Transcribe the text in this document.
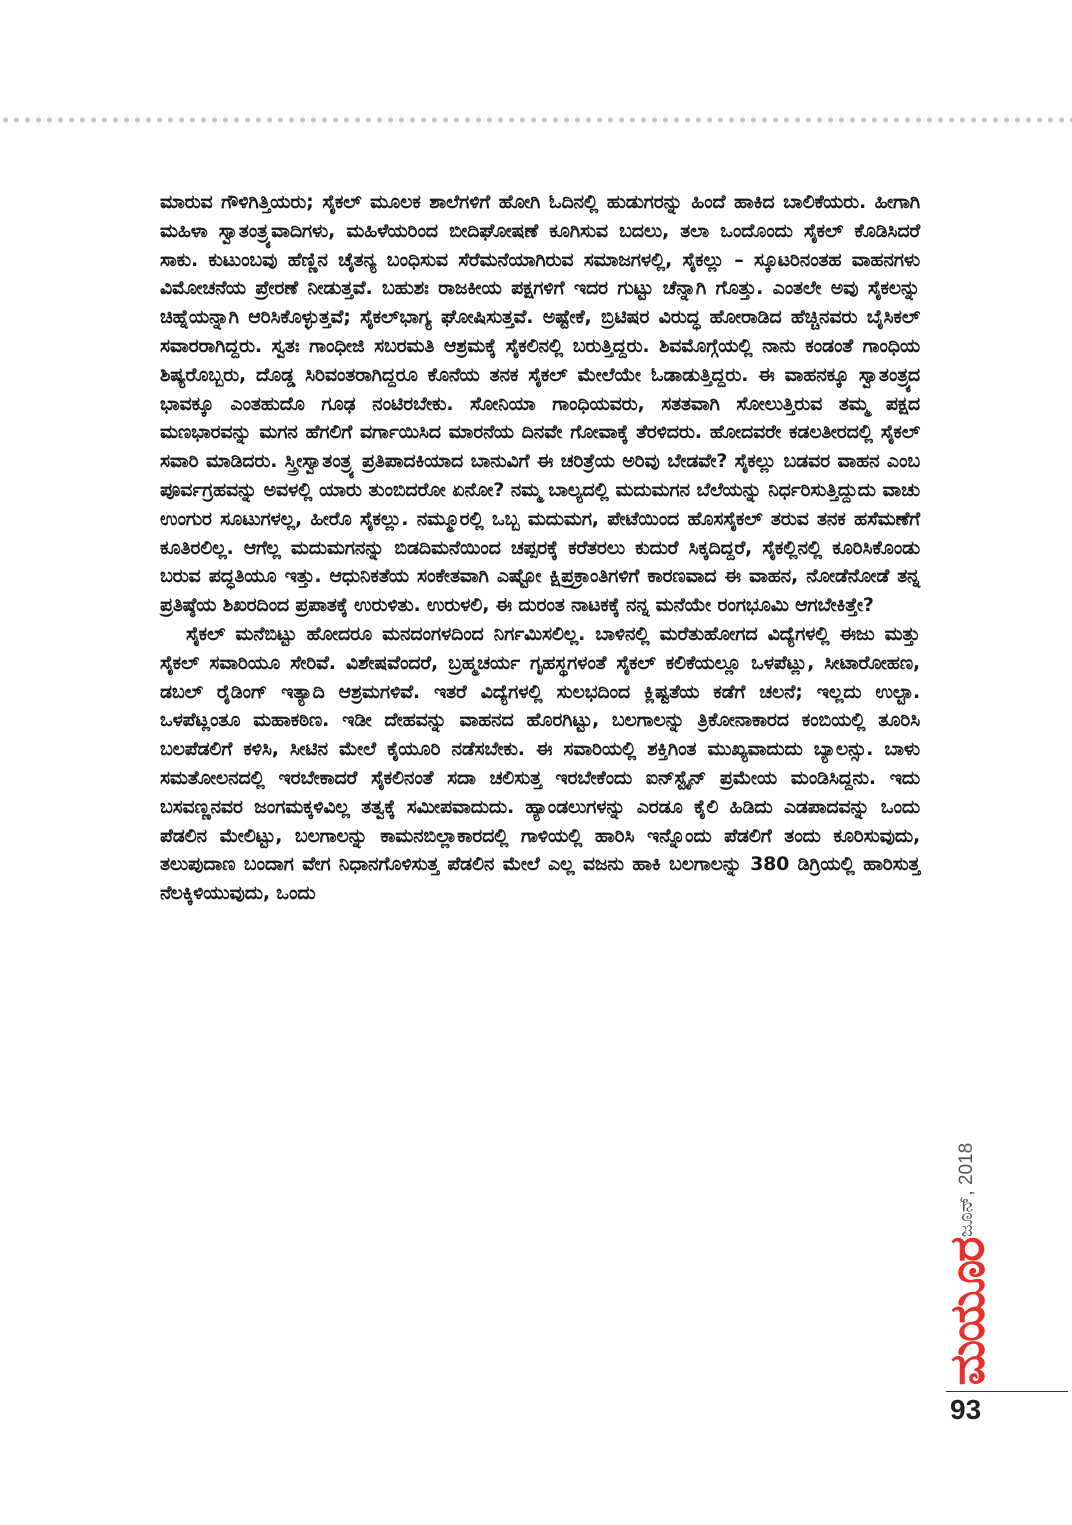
ಮಾರುವ ಗೌಳಿಗಿತ್ತಿಯರು; ಸೈಕಲ್ ಮೂಲಕ ಶಾಲೆಗಳಿಗೆ ಹೋಗಿ ಓದಿನಲ್ಲಿ ಹುಡುಗರನ್ನು ಹಿಂದೆ ಹಾಕಿದ ಬಾಲಿಕೆಯರು. ಹೀಗಾಗಿ ಮಹಿಳಾ ಸ್ವಾತಂತ್ರ್ಯವಾದಿಗಳು, ಮಹಿಳೆಯರಿಂದ ಬೀದಿಘೋಷಣೆ ಕೂಗಿಸುವ ಬದಲು, ತಲಾ ಒಂದೊಂದು ಸೈಕಲ್ ಕೊಡಿಸಿದರೆ ಸಾಕು. ಕುಟುಂಬವು ಹೆಣ್ಣಿನ ಚೈತನ್ಯ ಬಂಧಿಸುವ ಸೆರೆಮನೆಯಾಗಿರುವ ಸಮಾಜಗಳಲ್ಲಿ, ಸೈಕಲ್ಲು – ಸ್ಕೂಟರಿನಂತಹ ವಾಹನಗಳು ವಿಮೋಚನೆಯ ಪ್ರೇರಣೆ ನೀಡುತ್ತವೆ. ಬಹುಶಃ ರಾಜಕೀಯ ಪಕ್ಷಗಳಿಗೆ ಇದರ ಗುಟ್ಟು ಚೆನ್ನಾಗಿ ಗೊತ್ತು. ಎಂತಲೇ ಅವು ಸೈಕಲನ್ನು ಚಿಹ್ನೆಯನ್ನಾಗಿ ಆರಿಸಿಕೊಳ್ಳುತ್ತವೆ; ಸೈಕಲ್‌ಭಾಗ್ಯ ಘೋಷಿಸುತ್ತವೆ. ಅಷ್ಟೇಕೆ, ಬ್ರಿಟಿಷರ ವಿರುದ್ಧ ಹೋರಾಡಿದ ಹೆಚ್ಚಿನವರು ಬೈಸಿಕಲ್ ಸವಾರರಾಗಿದ್ದರು. ಸ್ವತಃ ಗಾಂಧೀಜಿ ಸಬರಮತಿ ಆಶ್ರಮಕ್ಕೆ ಸೈಕಲಿನಲ್ಲಿ ಬರುತ್ತಿದ್ದರು. ಶಿವಮೊಗ್ಗೆಯಲ್ಲಿ ನಾನು ಕಂಡಂತೆ ಗಾಂಧಿಯ ಶಿಷ್ಯರೊಬ್ಬರು, ದೊಡ್ಡ ಸಿರಿವಂತರಾಗಿದ್ದರೂ ಕೊನೆಯ ತನಕ ಸೈಕಲ್ ಮೇಲೆಯೇ ಓಡಾಡುತ್ತಿದ್ದರು. ಈ ವಾಹನಕ್ಕೂ ಸ್ವಾತಂತ್ರ್ಯದ ಭಾವಕ್ಕೂ ಎಂತಹುದೊ ಗೂಢ ನಂಟಿರಬೇಕು. ಸೋನಿಯಾ ಗಾಂಧಿಯವರು, ಸತತವಾಗಿ ಸೋಲುತ್ತಿರುವ ತಮ್ಮ ಪಕ್ಷದ ಮಣಭಾರವನ್ನು ಮಗನ ಹೆಗಲಿಗೆ ವರ್ಗಾಯಿಸಿದ ಮಾರನೆಯ ದಿನವೇ ಗೋವಾಕ್ಕೆ ತೆರಳಿದರು. ಹೋದವರೇ ಕಡಲತೀರದಲ್ಲಿ ಸೈಕಲ್ ಸವಾರಿ ಮಾಡಿದರು. ಸ್ತ್ರೀಸ್ವಾತಂತ್ರ್ಯ ಪ್ರತಿಪಾದಕಿಯಾದ ಬಾನುವಿಗೆ ಈ ಚರಿತ್ರೆಯ ಅರಿವು ಬೇಡವೇ? ಸೈಕಲ್ಲು ಬಡವರ ವಾಹನ ಎಂಬ ಪೂರ್ವಗ್ರಹವನ್ನು ಅವಳಲ್ಲಿ ಯಾರು ತುಂಬಿದರೋ ಏನೋ? ನಮ್ಮ ಬಾಲ್ಯದಲ್ಲಿ ಮದುಮಗನ ಬೆಲೆಯನ್ನು ನಿರ್ಧರಿಸುತ್ತಿದ್ದುದು ವಾಚು ಉಂಗುರ ಸೂಟುಗಳಲ್ಲ, ಹೀರೊ ಸೈಕಲ್ಲು. ನಮ್ಮೂರಲ್ಲಿ ಒಬ್ಬ ಮದುಮಗ, ಪೇಟೆಯಿಂದ ಹೊಸಸೈಕಲ್ ತರುವ ತನಕ ಹಸೆಮಣೆಗೆ ಕೂತಿರಲಿಲ್ಲ. ಆಗೆಲ್ಲ ಮದುಮಗನನ್ನು ಬಿಡದಿಮನೆಯಿಂದ ಚಪ್ಪರಕ್ಕೆ ಕರೆತರಲು ಕುದುರೆ ಸಿಕ್ಕದಿದ್ದರೆ, ಸೈಕಲ್ಲಿನಲ್ಲಿ ಕೂರಿಸಿಕೊಂಡು ಬರುವ ಪದ್ಧತಿಯೂ ಇತ್ತು. ಆಧುನಿಕತೆಯ ಸಂಕೇತವಾಗಿ ಎಷ್ಟೋ ಕ್ಷಿಪ್ರಕ್ರಾಂತಿಗಳಿಗೆ ಕಾರಣವಾದ ಈ ವಾಹನ, ನೋಡೆನೋಡೆ ತನ್ನ ಪ್ರತಿಷ್ಠೆಯ ಶಿಖರದಿಂದ ಪ್ರಪಾತಕ್ಕೆ ಉರುಳಿತು. ಉರುಳಲಿ, ಈ ದುರಂತ ನಾಟಕಕ್ಕೆ ನನ್ನ ಮನೆಯೇ ರಂಗಭೂಮಿ ಆಗಬೇಕಿತ್ತೇ?

ಸೈಕಲ್ ಮನೆಬಿಟ್ಟು ಹೋದರೂ ಮನದಂಗಳದಿಂದ ನಿರ್ಗಮಿಸಲಿಲ್ಲ. ಬಾಳಿನಲ್ಲಿ ಮರೆತುಹೋಗದ ವಿದ್ಯೆಗಳಲ್ಲಿ ಈಜು ಮತ್ತು ಸೈಕಲ್ ಸವಾರಿಯೂ ಸೇರಿವೆ. ವಿಶೇಷವೆಂದರೆ, ಬ್ರಹ್ಮಚರ್ಯ ಗೃಹಸ್ಥಗಳಂತೆ ಸೈಕಲ್ ಕಲಿಕೆಯಲ್ಲೂ ಒಳಪೆಟ್ಲು, ಸೀಟಾರೋಹಣ, ಡಬಲ್ ರೈಡಿಂಗ್ ಇತ್ಯಾದಿ ಆಶ್ರಮಗಳಿವೆ. ಇತರೆ ವಿದ್ಯೆಗಳಲ್ಲಿ ಸುಲಭದಿಂದ ಕ್ಲಿಷ್ಟತೆಯ ಕಡೆಗೆ ಚಲನೆ; ಇಲ್ಲದು ಉಲ್ಟಾ. ಒಳಪೆಟ್ಲಂತೂ ಮಹಾಕಠಿಣ. ಇಡೀ ದೇಹವನ್ನು ವಾಹನದ ಹೊರಗಿಟ್ಟು, ಬಲಗಾಲನ್ನು ತ್ರಿಕೋನಾಕಾರದ ಕಂಬಿಯಲ್ಲಿ ತೂರಿಸಿ ಬಲಪೆಡಲಿಗೆ ಕಳಿಸಿ, ಸೀಟಿನ ಮೇಲೆ ಕೈಯೂರಿ ನಡೆಸಬೇಕು. ಈ ಸವಾರಿಯಲ್ಲಿ ಶಕ್ತಿಗಿಂತ ಮುಖ್ಯವಾದುದು ಬ್ಯಾಲನ್ಸು. ಬಾಳು ಸಮತೋಲನದಲ್ಲಿ ಇರಬೇಕಾದರೆ ಸೈಕಲಿನಂತೆ ಸದಾ ಚಲಿಸುತ್ತ ಇರಬೇಕೆಂದು ಐನ್‌ಸ್ಟೈನ್ ಪ್ರಮೇಯ ಮಂಡಿಸಿದ್ದನು. ಇದು ಬಸವಣ್ಣನವರ ಜಂಗಮಕ್ಕಳಿವಿಲ್ಲ ತತ್ವಕ್ಕೆ ಸಮೀಪವಾದುದು. ಹ್ಯಾಂಡಲುಗಳನ್ನು ಎರಡೂ ಕೈಲಿ ಹಿಡಿದು ಎಡಪಾದವನ್ನು ಒಂದು ಪೆಡಲಿನ ಮೇಲಿಟ್ಟು, ಬಲಗಾಲನ್ನು ಕಾಮನಬಿಲ್ಲಾಕಾರದಲ್ಲಿ ಗಾಳಿಯಲ್ಲಿ ಹಾರಿಸಿ ಇನ್ನೊಂದು ಪೆಡಲಿಗೆ ತಂದು ಕೂರಿಸುವುದು, ತಲುಪುದಾಣ ಬಂದಾಗ ವೇಗ ನಿಧಾನಗೊಳಿಸುತ್ತ ಪೆಡಲಿನ ಮೇಲೆ ಎಲ್ಲ ವಜನು ಹಾಕಿ ಬಲಗಾಲನ್ನು 380 ಡಿಗ್ರಿಯಲ್ಲಿ ಹಾರಿಸುತ್ತ ನೆಲಕ್ಕಿಳಿಯುವುದು, ಒಂದು

ಜೂನ್, 2018
ಮಯೂರ
93
